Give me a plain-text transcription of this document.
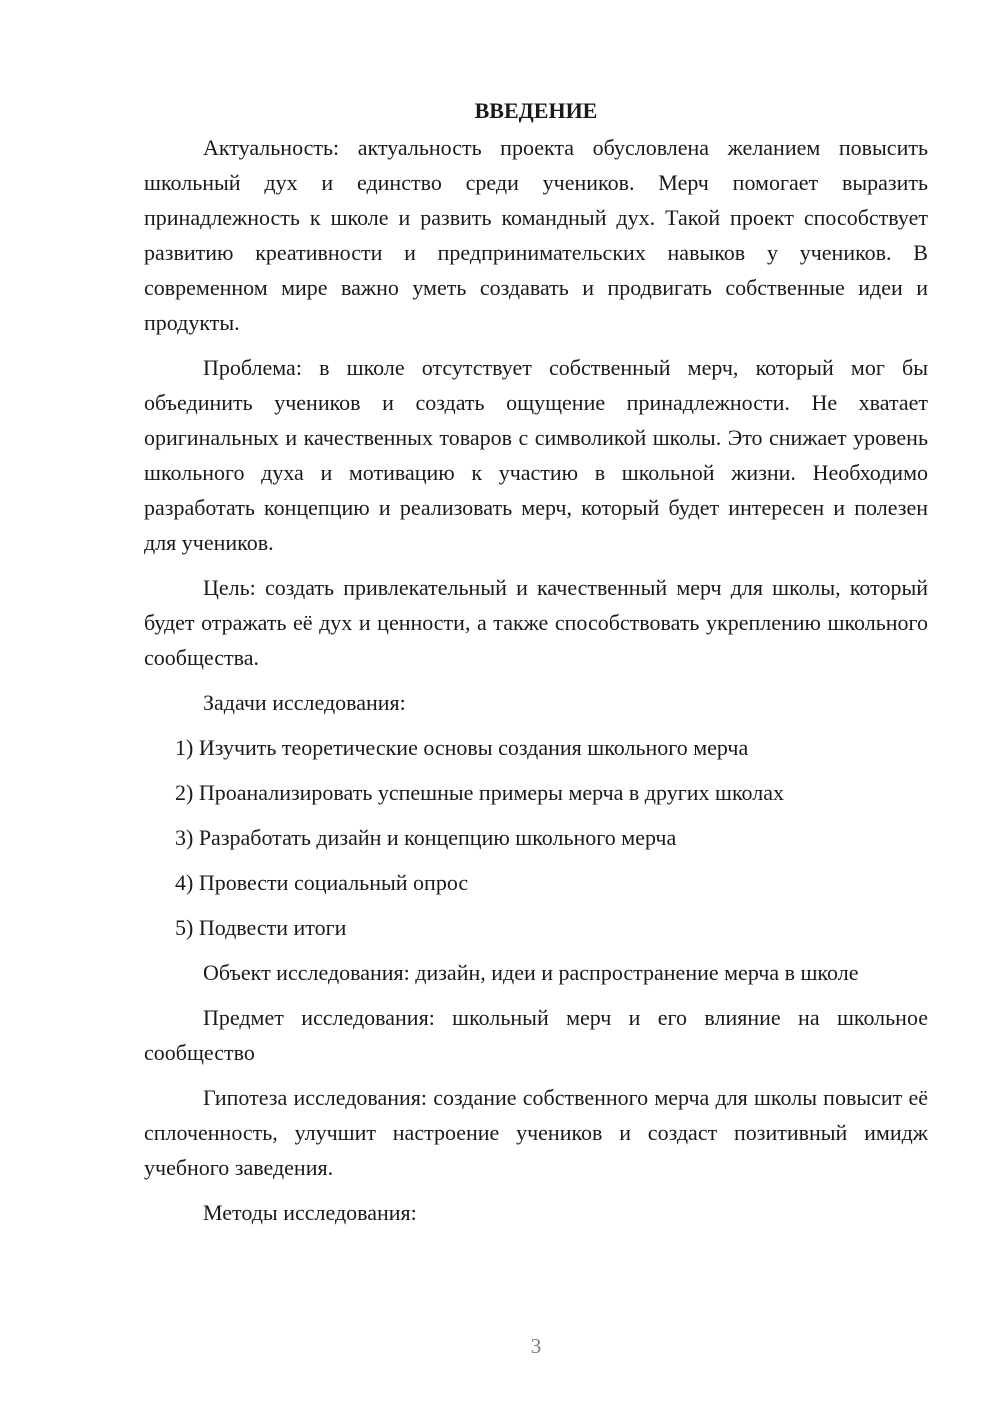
ВВЕДЕНИЕ

Актуальность: актуальность проекта обусловлена желанием повысить школьный дух и единство среди учеников. Мерч помогает выразить принадлежность к школе и развить командный дух. Такой проект способствует развитию креативности и предпринимательских навыков у учеников. В современном мире важно уметь создавать и продвигать собственные идеи и продукты.

Проблема: в школе отсутствует собственный мерч, который мог бы объединить учеников и создать ощущение принадлежности. Не хватает оригинальных и качественных товаров с символикой школы. Это снижает уровень школьного духа и мотивацию к участию в школьной жизни. Необходимо разработать концепцию и реализовать мерч, который будет интересен и полезен для учеников.

Цель: создать привлекательный и качественный мерч для школы, который будет отражать её дух и ценности, а также способствовать укреплению школьного сообщества.

Задачи исследования:

1) Изучить теоретические основы создания школьного мерча
2) Проанализировать успешные примеры мерча в других школах
3) Разработать дизайн и концепцию школьного мерча
4) Провести социальный опрос
5) Подвести итоги

Объект исследования: дизайн, идеи и распространение мерча в школе

Предмет исследования: школьный мерч и его влияние на школьное сообщество

Гипотеза исследования: создание собственного мерча для школы повысит её сплоченность, улучшит настроение учеников и создаст позитивный имидж учебного заведения.

Методы исследования:

3
